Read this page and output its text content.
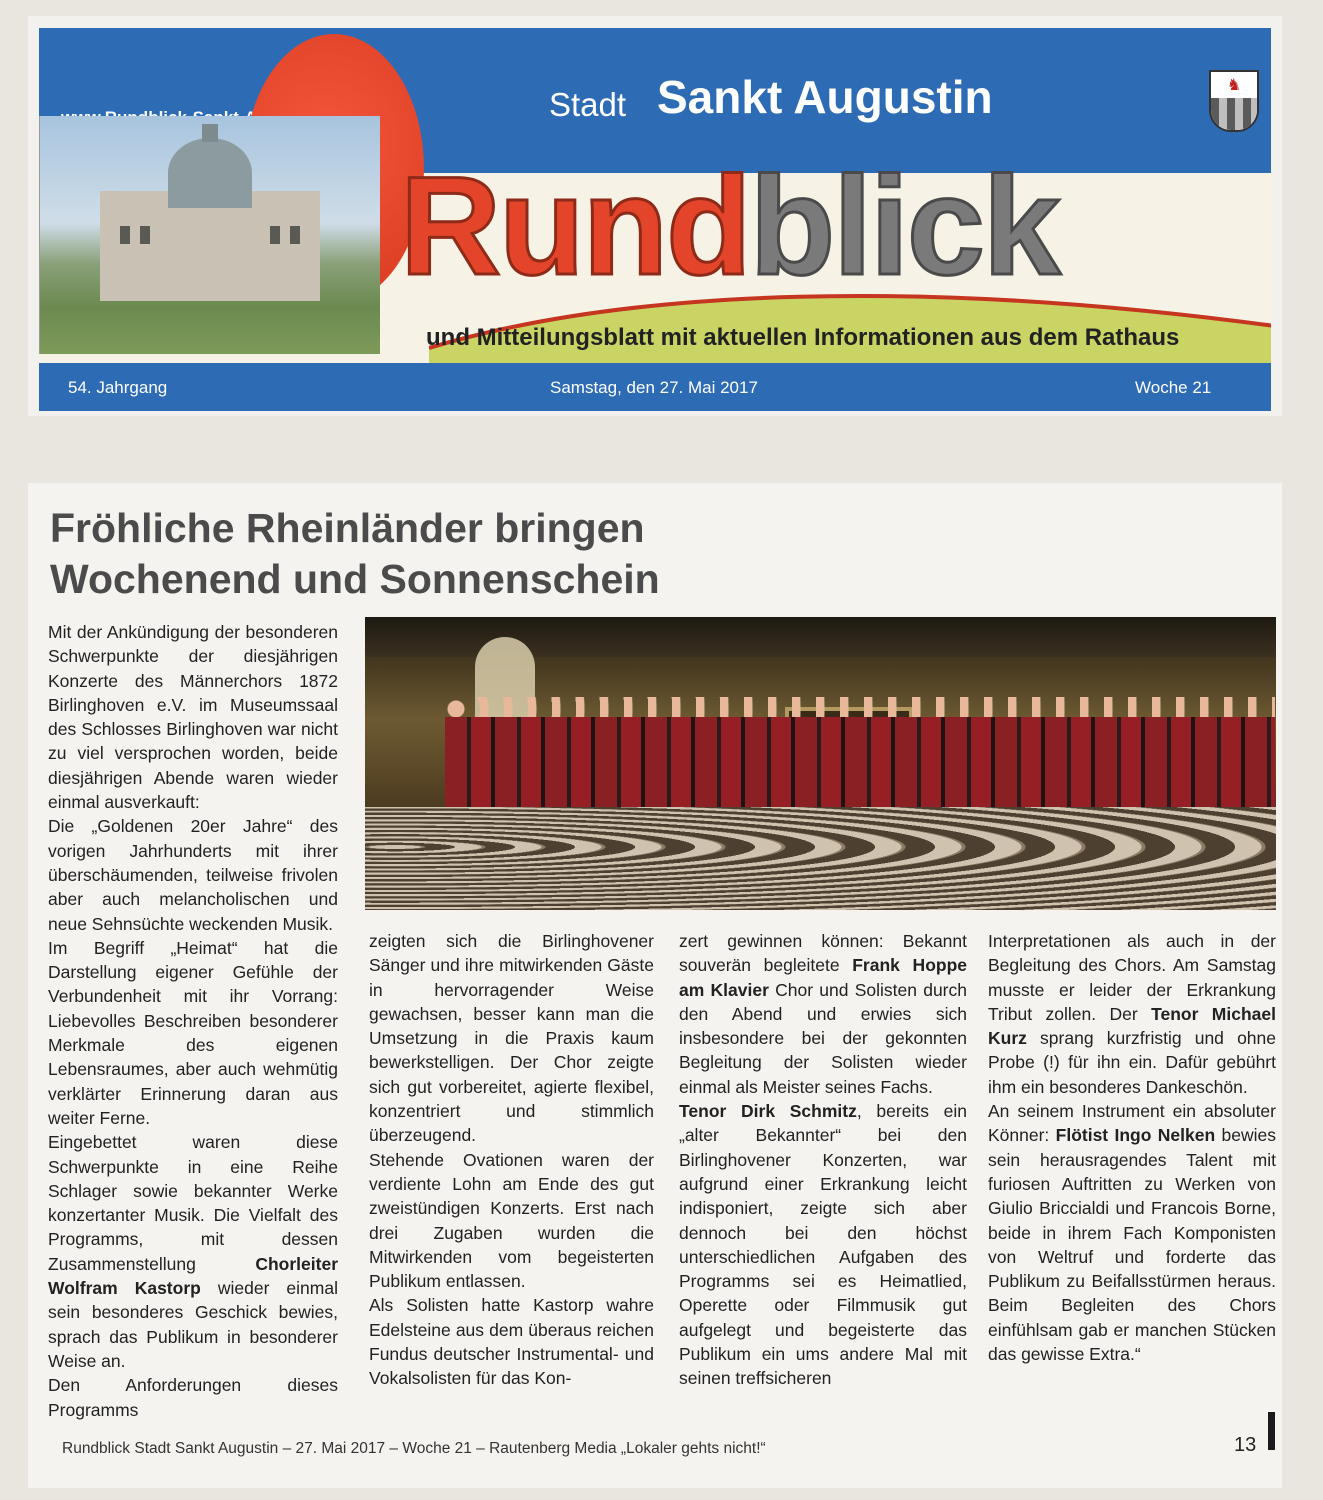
Stadt Sankt Augustin	♞
Rundblick
und Mitteilungsblatt mit aktuellen Informationen aus dem Rathaus
54. Jahrgang	Samstag, den 27. Mai 2017	Woche 21
Fröhliche Rheinländer bringen
Wochenend und Sonnenschein

Mit der Ankündigung der besonderen Schwerpunkte der diesjährigen Konzerte des Männerchors 1872 Birlinghoven e.V. im Museumssaal des Schlosses Birlinghoven war nicht zu viel versprochen worden, beide diesjährigen Abende waren wieder einmal ausverkauft:

Die „Goldenen 20er Jahre“ des vorigen Jahrhunderts mit ihrer überschäumenden, teilweise frivolen aber auch melancholischen und neue Sehnsüchte weckenden Musik.

Im Begriff „Heimat“ hat die Darstellung eigener Gefühle der Verbundenheit mit ihr Vorrang: Liebevolles Beschreiben besonderer Merkmale des eigenen Lebensraumes, aber auch wehmütig verklärter Erinnerung daran aus weiter Ferne.

Eingebettet waren diese Schwerpunkte in eine Reihe Schlager sowie bekannter Werke konzertanter Musik. Die Vielfalt des Programms, mit dessen Zusammenstellung	Chorleiter Wolfram Kastorp wieder einmal sein besonderes Geschick bewies, sprach das Publikum in besonderer Weise an.

Den Anforderungen dieses Programms

zeigten sich die Birlinghovener Sänger und ihre mitwirkenden Gäste in hervorragender Weise gewachsen, besser kann man die Umsetzung in die Praxis kaum bewerkstelligen. Der Chor zeigte sich gut vorbereitet, agierte flexibel, konzentriert und stimmlich überzeugend.

Stehende Ovationen waren der verdiente Lohn am Ende des gut zweistündigen Konzerts. Erst nach drei Zugaben wurden die Mitwirkenden vom begeisterten Publikum entlassen.

Als Solisten hatte Kastorp wahre Edelsteine aus dem überaus reichen Fundus deutscher Instrumental- und Vokalsolisten für das Kon-

zert gewinnen können: Bekannt souverän begleitete Frank Hoppe am Klavier Chor und Solisten durch den Abend und erwies sich insbesondere bei der gekonnten Begleitung der Solisten wieder einmal als Meister seines Fachs.

Tenor Dirk Schmitz, bereits ein „alter Bekannter“ bei den Birlinghovener Konzerten, war aufgrund einer Erkrankung leicht indisponiert, zeigte sich aber dennoch bei den höchst unterschiedlichen Aufgaben des Programms sei es Heimatlied, Operette oder Filmmusik gut aufgelegt und begeisterte das Publikum ein ums andere Mal mit seinen treffsicheren

Interpretationen als auch in der Begleitung des Chors. Am Samstag musste er leider der Erkrankung Tribut zollen. Der Tenor Michael Kurz sprang kurzfristig und ohne Probe (!) für ihn ein. Dafür gebührt ihm ein besonderes Dankeschön.

An seinem Instrument ein absoluter Könner: Flötist Ingo Nelken bewies sein herausragendes Talent mit furiosen Auftritten zu Werken von Giulio Briccialdi und Francois Borne, beide in ihrem Fach Komponisten von Weltruf und forderte das Publikum zu Beifallsstürmen heraus. Beim Begleiten des Chors einfühlsam gab er manchen Stücken das gewisse Extra.“

Rundblick Stadt Sankt Augustin – 27. Mai 2017 – Woche 21 – Rautenberg Media „Lokaler gehts nicht!“	13
